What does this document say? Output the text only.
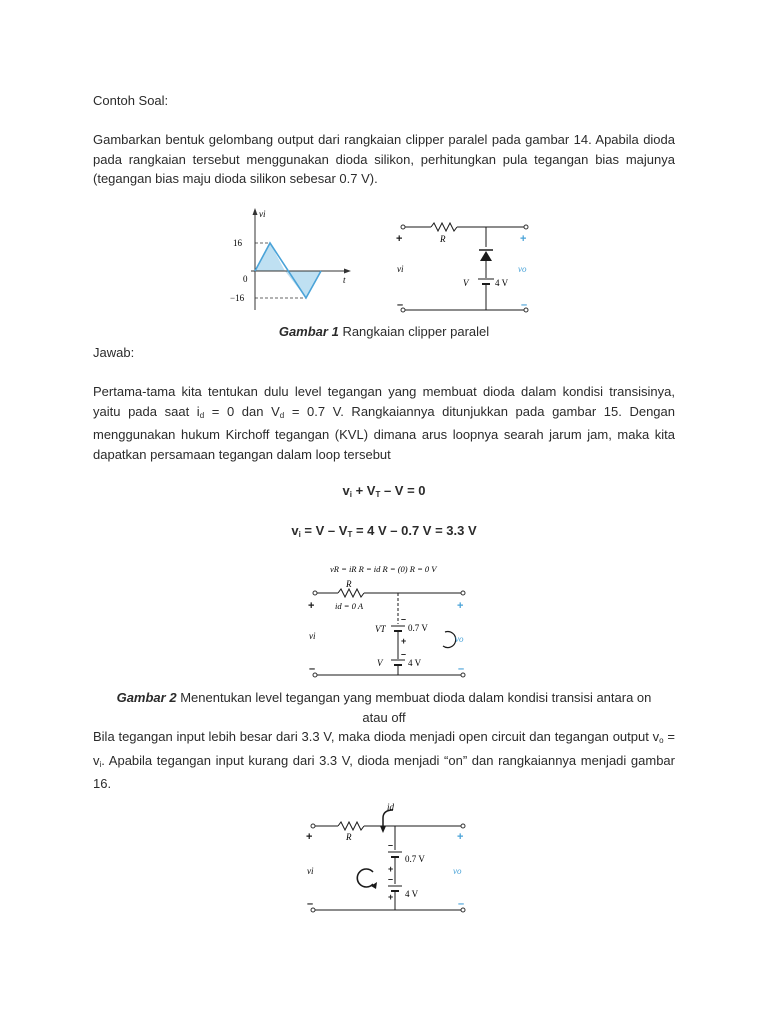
Contoh Soal:
Gambarkan bentuk gelombang output dari rangkaian clipper paralel pada gambar 14. Apabila dioda pada rangkaian tersebut menggunakan dioda silikon, perhitungkan pula tegangan bias majunya (tegangan bias maju dioda silikon sebesar 0.7 V).
vi
t
16
0
−16
+
–
+
–
R
vi	vo
V	4 V
Gambar 1 Rangkaian clipper paralel
Jawab:
Pertama-tama kita tentukan dulu level tegangan yang membuat dioda dalam kondisi transisinya, yaitu pada saat $i_d = 0$ dan $V_d = 0.7$ V. Rangkaiannya ditunjukkan pada gambar 15. Dengan menggunakan hukum Kirchoff tegangan (KVL) dimana arus loopnya searah jarum jam, maka kita dapatkan persamaan tegangan dalam loop tersebut
$v_i + V_T - V = 0$
$v_i = V - V_T = 4$ V – 0.7 V = 3.3 V
vR = iR R = id R = (0) R = 0 V
+
–
+
–
–
+
–
R
id = 0 A
vi	vo
VT 0.7 V
V	4 V
Gambar 2 Menentukan level tegangan yang membuat dioda dalam kondisi transisi antara on
atau off
Bila tegangan input lebih besar dari 3.3 V, maka dioda menjadi open circuit dan tegangan output $v_o = v_i$. Apabila tegangan input kurang dari 3.3 V, dioda menjadi “on” dan rangkaiannya menjadi gambar 16.
+
–
+
–
–
+
–
+
id
R
vi	vo
0.7 V
4 V
